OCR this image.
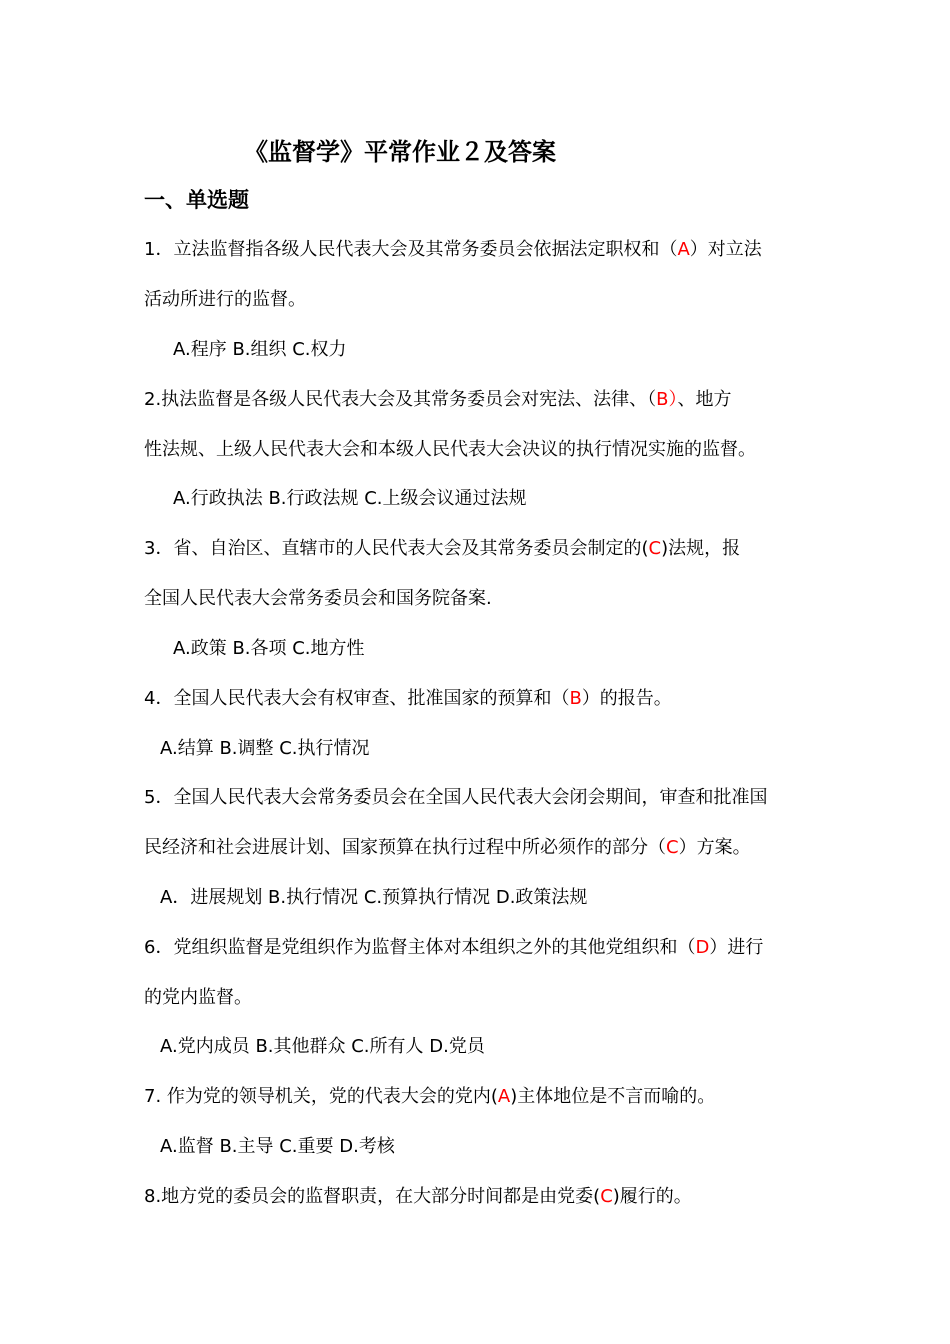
《监督学》平常作业２及答案
一、单选题
1．立法监督指各级人民代表大会及其常务委员会依据法定职权和（A）对立法
活动所进行的监督。
A.程序 B.组织 C.权力
2.执法监督是各级人民代表大会及其常务委员会对宪法、法律、（B）、地方
性法规、上级人民代表大会和本级人民代表大会决议的执行情况实施的监督。
A.行政执法 B.行政法规 C.上级会议通过法规
3．省、自治区、直辖市的人民代表大会及其常务委员会制定的(C)法规，报
全国人民代表大会常务委员会和国务院备案.
A.政策 B.各项 C.地方性
4．全国人民代表大会有权审查、批准国家的预算和（B）的报告。
A.结算 B.调整 C.执行情况
5．全国人民代表大会常务委员会在全国人民代表大会闭会期间，审查和批准国
民经济和社会进展计划、国家预算在执行过程中所必须作的部分（C）方案。
A．进展规划 B.执行情况 C.预算执行情况 D.政策法规
6．党组织监督是党组织作为监督主体对本组织之外的其他党组织和（D）进行
的党内监督。
A.党内成员 B.其他群众 C.所有人 D.党员
7. 作为党的领导机关，党的代表大会的党内(A)主体地位是不言而喻的。
A.监督 B.主导 C.重要 D.考核
8.地方党的委员会的监督职责，在大部分时间都是由党委(C)履行的。
